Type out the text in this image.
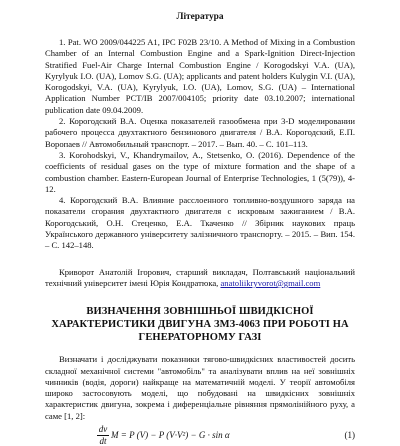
Література

1. Pat. WO 2009/044225 A1, IPC F02B 23/10. A Method of Mixing in a Combustion Chamber of an Internal Combustion Engine and a Spark-Ignition Direct-Injection Stratified Fuel-Air Charge Internal Combustion Engine / Korogodskyi V.A. (UA), Kyrylyuk I.O. (UA), Lomov S.G. (UA); applicants and patent holders Kulygin V.I. (UA), Korogodskyi, V.A. (UA), Kyrylyuk, I.O. (UA), Lomov, S.G. (UA) – International Application Number PCT/IB 2007/004105; priority date 03.10.2007; international publication date 09.04.2009.

2. Корогодский В.А. Оценка показателей газообмена при 3-D моделировании рабочего процесса двухтактного бензинового двигателя / В.А. Корогодский, Е.П. Воропаев // Автомобильный транспорт. – 2017. – Вып. 40. – С. 101–113.

3. Korohodskyi, V., Khandrymailov, A., Stetsenko, O. (2016). Dependence of the coefficients of residual gases on the type of mixture formation and the shape of a combustion chamber. Eastern-European Journal of Enterprise Technologies, 1 (5(79)), 4-12.

4. Корогодский В.А. Влияние расслоенного топливно-воздушного заряда на показатели сгорания двухтактного двигателя с искровым зажиганием / В.А. Корогодський, О.Н. Стеценко, Е.А. Ткаченко // Збірник наукових праць Українського державного університету залізничного транспорту. – 2015. – Вип. 154. – С. 142–148.

Криворот Анатолій Ігорович, старший викладач, Полтавський національний технічний університет імені Юрія Кондратюка, anatoliikryvorot@gmail.com

ВИЗНАЧЕННЯ ЗОВНІШНЬОЇ ШВИДКІСНОЇ ХАРАКТЕРИСТИКИ ДВИГУНА ЗМЗ-4063 ПРИ РОБОТІ НА ГЕНЕРАТОРНОМУ ГАЗІ

Визначати і досліджувати показники тягово-швидкісних властивостей досить складної механічної системи "автомобіль" та аналізувати вплив на неї зовнішніх чинників (водія, дороги) найкраще на математичній моделі. У теорії автомобіля широко застосовують моделі, що побудовані на швидкісних зовнішніх характеристик двигуна, зокрема і диференціальне рівняння прямолінійного руху, а саме [1, 2]:

dv
dt
M = P (V) − P (V·V²) − G · sin α	(1)
